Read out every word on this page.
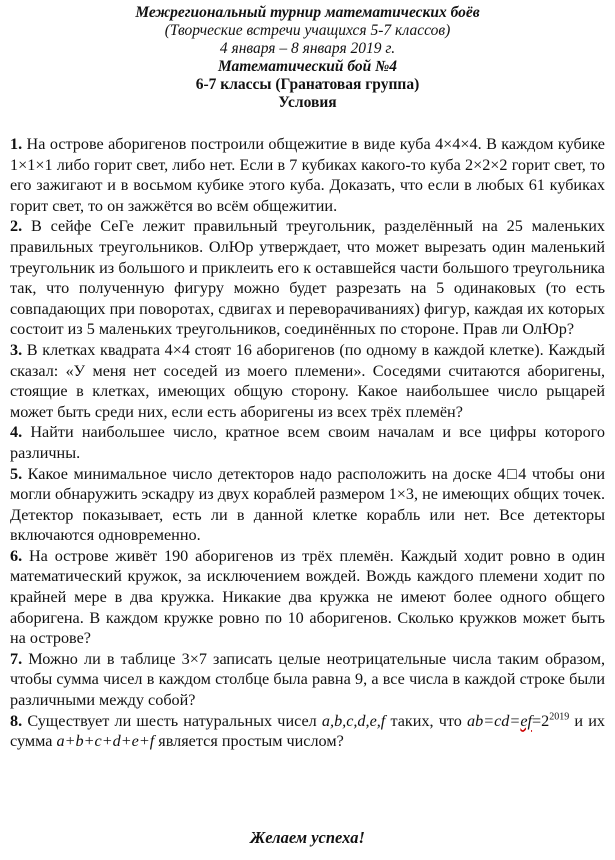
Межрегиональный турнир математических боёв
(Творческие встречи учащихся 5-7 классов)
4 января – 8 января 2019 г.
Математический бой №4
6-7 классы (Гранатовая группа)
Условия

1. На острове аборигенов построили общежитие в виде куба 4×4×4. В каждом кубике 1×1×1 либо горит свет, либо нет. Если в 7 кубиках какого-то куба 2×2×2 горит свет, то его зажигают и в восьмом кубике этого куба. Доказать, что если в любых 61 кубиках горит свет, то он зажжётся во всём общежитии.

2. В сейфе СеГе лежит правильный треугольник, разделённый на 25 маленьких правильных треугольников. ОлЮр утверждает, что может вырезать один маленький треугольник из большого и приклеить его к оставшейся части большого треугольника так, что полученную фигуру можно будет разрезать на 5 одинаковых (то есть совпадающих при поворотах, сдвигах и переворачиваниях) фигур, каждая их которых состоит из 5 маленьких треугольников, соединённых по стороне. Прав ли ОлЮр?

3. В клетках квадрата 4×4 стоят 16 аборигенов (по одному в каждой клетке). Каждый сказал: «У меня нет соседей из моего племени». Соседями считаются аборигены, стоящие в клетках, имеющих общую сторону. Какое наибольшее число рыцарей может быть среди них, если есть аборигены из всех трёх племён?

4. Найти наибольшее число, кратное всем своим началам и все цифры которого различны.

5. Какое минимальное число детекторов надо расположить на доске 4□4 чтобы они могли обнаружить эскадру из двух кораблей размером 1×3, не имеющих общих точек. Детектор показывает, есть ли в данной клетке корабль или нет. Все детекторы включаются одновременно.

6. На острове живёт 190 аборигенов из трёх племён. Каждый ходит ровно в один математический кружок, за исключением вождей. Вождь каждого племени ходит по крайней мере в два кружка. Никакие два кружка не имеют более одного общего аборигена. В каждом кружке ровно по 10 аборигенов. Сколько кружков может быть на острове?

7. Можно ли в таблице 3×7 записать целые неотрицательные числа таким образом, чтобы сумма чисел в каждом столбце была равна 9, а все числа в каждой строке были различными между собой?

8. Существует ли шесть натуральных чисел a,b,c,d,e,f таких, что $ab=cd=ef=2^{2019}$ и их сумма a+b+c+d+e+f является простым числом?

Желаем успеха!
